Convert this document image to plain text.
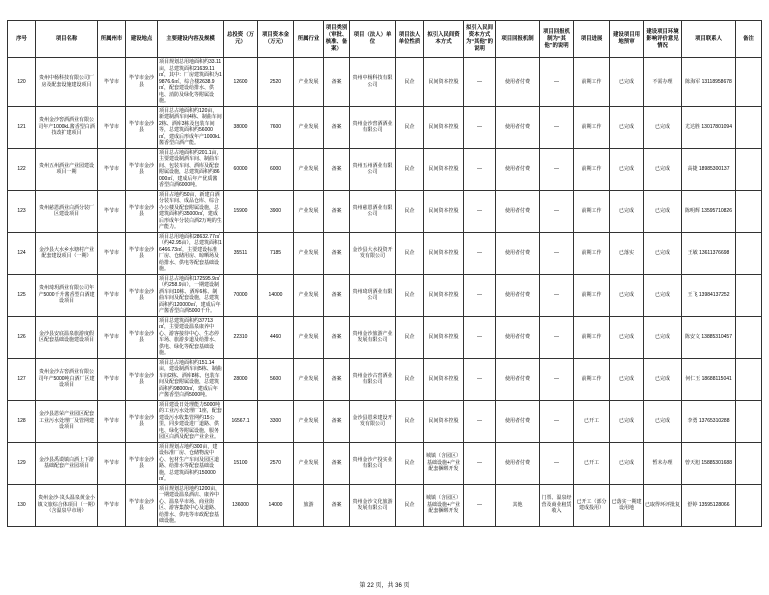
序号	项目名称	所属州市	建设地点	主要建设内容及规模	总投资（万元）	项目资本金（万元）	所属行业	项目类别（审批、核准、备案）	项目（法人）单位	项目法人单位性质	拟引入民间资本方式	拟引入民间资本方式为“其他”的说明	项目回报机制	项目回报机制为“其他”的说明	项目进展	建设项目用地预审	建设项目环境影响评价意见情况	项目联系人	备注
120	贵州中杨科技有限公司厂房及配套设施建设项目	毕节市	毕节市金沙县	项目规划总用地面积约33.11亩，总建筑面积21639.11㎡，其中：厂房建筑面积为19876.6㎡，综合楼2638.9㎡，配套建设给排水、供电、消防及绿化等附属设施。	12600	2520	产业发展	备案	贵州中杨科技有限公司	民企	民间资本控股	—	使用者付费	—	前期工作	已完成	不需办理	陈海军 13118958678	
121	贵州金沙窖酒酒业有限公司年产1000kL酱香型白酒技改扩建项目	毕节市	毕节市金沙县	项目总占地面积约120亩，新建制酒车间4栋、制曲车间2栋、酒库3栋及包装车间等，总建筑面积约56000㎡，建成后形成年产1000kL酱香型白酒产能。	38000	7600	产业发展	备案	贵州金沙窖酒酒业有限公司	民企	民间资本控股	—	使用者付费	—	前期工作	已完成	已完成	尤达胜 13017801094	
122	贵州五州酒业产业园建设项目一期	毕节市	毕节市金沙县	项目总占地面积约201.1亩，主要建设制酒车间、制曲车间、包装车间、酒库及配套附属设施，总建筑面积约86000㎡，建成后年产优质酱香型白酒6000吨。	60000	6000	产业发展	备案	贵州五州酒业有限公司	民企	民间资本控股	—	使用者付费	—	前期工作	已完成	已完成	高捷 18985300137	
123	贵州慈恩酒业白酒分装厂区建设项目	毕节市	毕节市金沙县	项目占地约50亩，新建白酒分装车间、成品仓库、综合办公楼及配套附属设施，总建筑面积约35000㎡，建成后形成年分装白酒2万吨的生产能力。	15900	3900	产业发展	备案	贵州慈恩酒业有限公司	民企	民间资本控股	—	使用者付费	—	前期工作	已完成	已完成	陈明辉 13595710826	
124	金沙县大水乡水塘村产业配套建设项目（一期）	毕节市	毕节市金沙县	项目总用地面积28632.77㎡（约42.95亩），总建筑面积16466.73㎡，主要建设标准厂房、仓储用房、晾晒场及给排水、供电等配套基础设施。	35511	7185	产业发展	备案	金沙县大水投资开发有限公司	民企	民间资本控股	—	使用者付费	—	前期工作	已落实	已完成	王敏 13611376698	
125	贵州琦玥酒业有限公司年产5000千升酱香型白酒建设项目	毕节市	毕节市金沙县	项目总占地面积172595.9㎡（约258.9亩），一期建设制酒车间10栋、酒库6栋、制曲车间及配套设施，总建筑面积约120000㎡，建成后年产酱香型白酒5000千升。	70000	14000	产业发展	备案	贵州琦玥酒业有限公司	民企	民间资本控股	—	使用者付费	—	前期工作	已完成	已完成	王飞 13984137252	
126	金沙县安底温泉旅游度假区配套基础设施建设项目	毕节市	毕节市金沙县	项目总建筑面积约37713㎡，主要建设温泉康养中心、游客接待中心、生态停车场、旅游步道及给排水、供电、绿化等配套基础设施。	22310	4460	产业发展	备案	贵州金沙旅游产业发展有限公司	民企	民间资本控股	—	使用者付费	—	前期工作	已完成	已完成	陈安文 13885310457	
127	贵州金沙古窖酒业有限公司年产5000吨白酒厂区建设项目	毕节市	毕节市金沙县	项目总占地面积约151.14亩，建设制酒车间5栋、制曲车间2栋、酒库8栋、包装车间及配套附属设施，总建筑面积约98000㎡，建成后年产酱香型白酒5000吨。	28000	5600	产业发展	备案	贵州金沙古窖酒业有限公司	民企	民间资本控股	—	使用者付费	—	前期工作	已完成	已完成	何仁玉 18688115041	
128	金沙县恩荣产业园区配套工业污水处理厂及管网建设项目	毕节市	毕节市金沙县	项目建设日处理能力5000吨的工业污水处理厂1座，配套建设污水收集管网约15公里，同步建设进厂道路、供电、绿化等附属设施，服务园区白酒及配套产业企业。	16567.1	3300	产业发展	备案	金沙县恩荣建设开发有限公司	民企	民间资本控股	—	使用者付费	—	已开工	已完成	已完成	李勇 13765310288	
129	金沙县禹谟镇白酒上下游基础配套产业园项目	毕节市	毕节市金沙县	项目规划占地约300亩，建设标准厂房、仓储物流中心、包材生产车间及园区道路、给排水等配套基础设施，总建筑面积约150000㎡。	15100	2570	产业发展	备案	贵州金沙产投实业有限公司	民企	城镇（含园区）基础设施+产业配套捆绑开发	—	使用者付费	—	已开工	已完成	暂未办理	曾天旭 15885301688	
130	贵州金沙·岚头温泉黄金小镇文旅综合体项目（一期）（含温泉早市场）	毕节市	毕节市金沙县	项目规划总用地约1200亩，一期建设温泉酒店、康养中心、温泉早市场、商业街区、游客集散中心及道路、给排水、供电等市政配套基础设施。	136000	14000	旅游	备案	贵州金沙文化旅游发展有限公司	民企	城镇（含园区）基础设施+产业配套捆绑开发	—	其他	门票、温泉经营及商业租赁收入	已开工（部分建成投用）	已落实一期建设用地	已取得环评批复	舒婷 13595128066	
第 22 页，共 36 页
